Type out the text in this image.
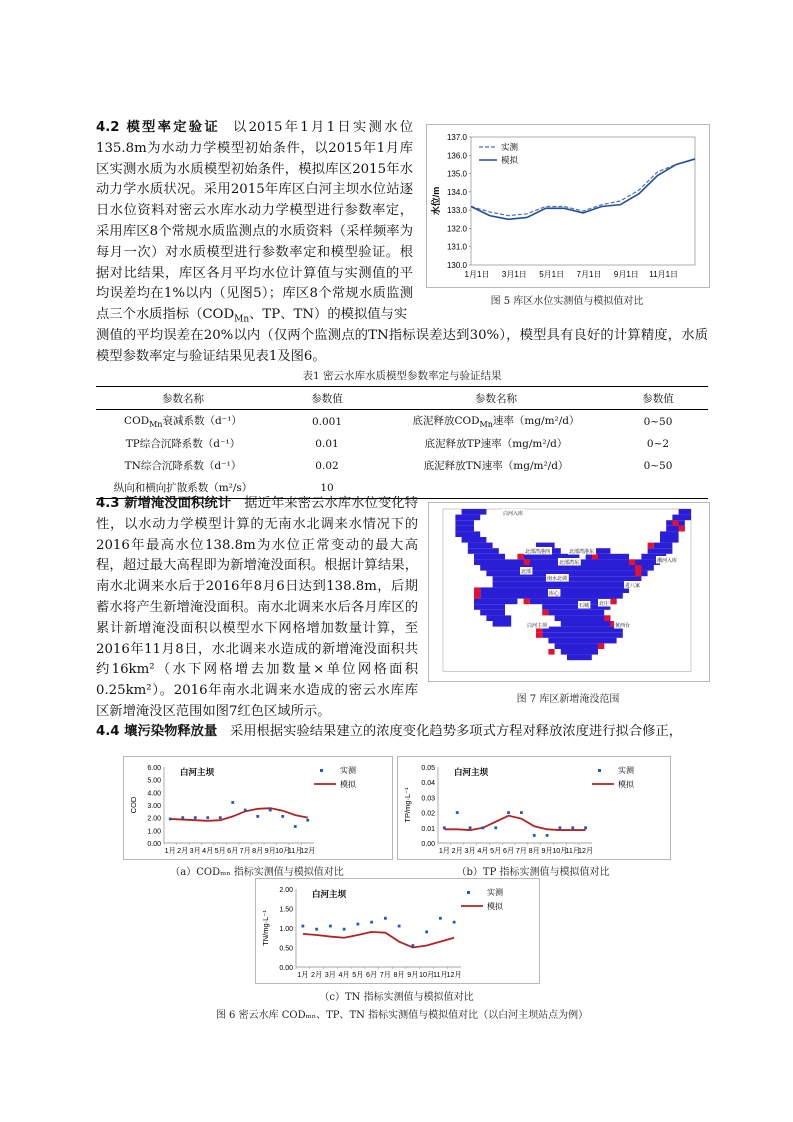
4.2 模型率定验证 以2015年1月1日实测水位135.8m为水动力学模型初始条件，以2015年1月库区实测水质为水质模型初始条件，模拟库区2015年水动力学水质状况。采用2015年库区白河主坝水位站逐日水位资料对密云水库水动力学模型进行参数率定，采用库区8个常规水质监测点的水质资料（采样频率为每月一次）对水质模型进行参数率定和模型验证。根据对比结果，库区各月平均水位计算值与实测值的平均误差均在1%以内（见图5）；库区8个常规水质监测点三个水质指标（$COD_{Mn}$、TP、TN）的模拟值与实
测值的平均误差在20%以内（仅两个监测点的TN指标误差达到30%），模型具有良好的计算精度，水质模型参数率定与验证结果见表1及图6。
137.0
136.0
135.0
134.0
133.0
132.0
131.0
130.0
1月1日 3月1日 5月1日 7月1日 9月1日 11月1日
水位/m
实测
模拟
图 5 库区水位实测值与模拟值对比
表1 密云水库水质模型参数率定与验证结果
参数名称	参数值	参数名称	参数值
$COD_{Mn}$衰减系数（d⁻¹）	0.001	底泥释放$COD_{Mn}$速率（mg/m²/d）	0~50
TP综合沉降系数（d⁻¹）	0.01	底泥释放TP速率（mg/m²/d）	0~2
TN综合沉降系数（d⁻¹）	0.02	底泥释放TN速率（mg/m²/d）	0~50
纵向和横向扩散系数（m²/s）	10		
4.3 新增淹没面积统计 据近年来密云水库水位变化特性，以水动力学模型计算的无南水北调来水情况下的2016年最高水位138.8m为水位正常变动的最大高程，超过最大高程即为新增淹没面积。根据计算结果，南水北调来水后于2016年8月6日达到138.8m，后期蓄水将产生新增淹没面积。南水北调来水后各月库区的累计新增淹没面积以模型水下网格增加数量计算，至2016年11月8日，水北调来水造成的新增淹没面积共约16km²（水下网格增去加数量×单位网格面积0.25km²）。2016年南水北调来水造成的密云水库库区新增淹没区范围如图7红色区域所示。
白河入库
北部湾港西	北部湾港东
北部湾东	潮河入库
进八家
库心
北部
石城
南水北调
北庄
黄西台
白河主坝
图 7 库区新增淹没范围
4.4 壤污染物释放量 采用根据实验结果建立的浓度变化趋势多项式方程对释放浓度进行拟合修正，
6.00
5.00
4.00
3.00
2.00
1.00
0.00
1月 2月 3月 4月 5月 6月 7月 8月 9月 10月
11月
12月
COD
白河主坝	实测
模拟
（a）CODₘₙ 指标实测值与模拟值对比
0.05
0.04
0.03
0.02
0.01
0.00
1月 2月 3月 4月 5月 6月 7月 8月 9月 10月
11月
12月
TP/mg·L⁻¹
白河主坝	实测
模拟
（b）TP 指标实测值与模拟值对比
2.00
1.50
1.00
0.50
0.00
1月 2月 3月 4月 5月 6月 7月 8月 9月 10月
11月
12月
TN/mg·L⁻¹
白河主坝	实测
模拟
（c）TN 指标实测值与模拟值对比
图 6 密云水库 CODₘₙ、TP、TN 指标实测值与模拟值对比（以白河主坝站点为例）
